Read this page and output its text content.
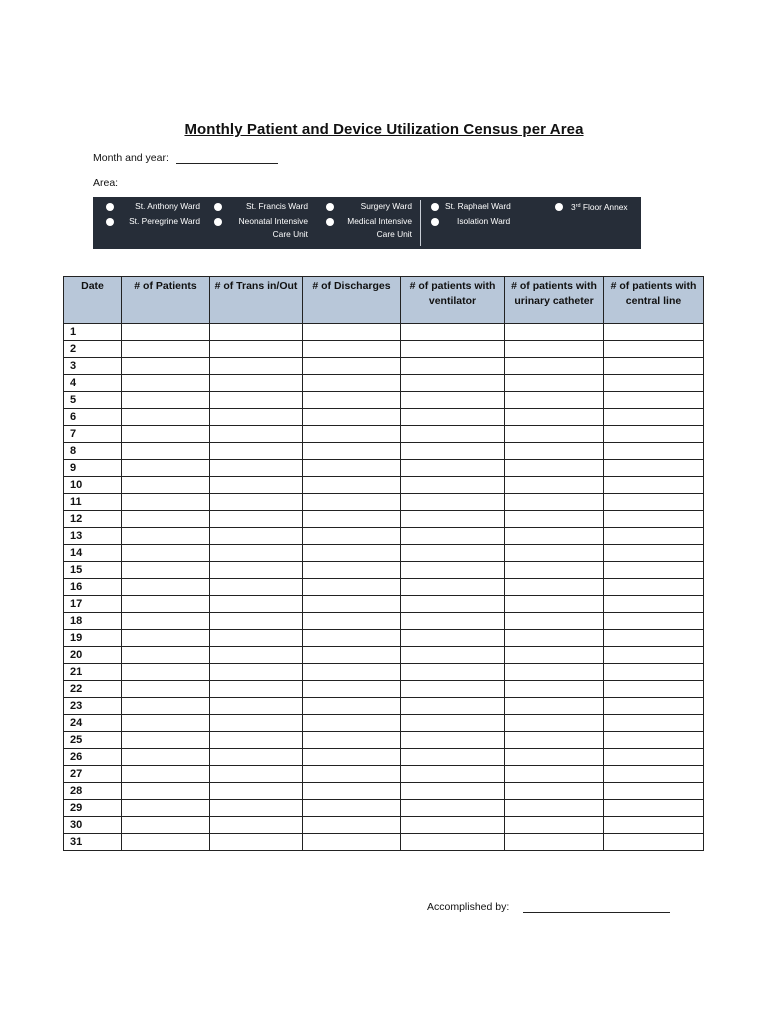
Monthly Patient and Device Utilization Census per Area
Month and year:
Area:
St. Anthony Ward
St. Peregrine Ward
St. Francis Ward
Neonatal Intensive
Care Unit
Surgery Ward
Medical Intensive
Care Unit
St. Raphael Ward
Isolation Ward
3rd Floor Annex
Date	# of Patients	# of Trans in/Out	# of Discharges	# of patients with ventilator	# of patients with urinary catheter	# of patients with central line
1						
2						
3						
4						
5						
6						
7						
8						
9						
10						
11						
12						
13						
14						
15						
16						
17						
18						
19						
20						
21						
22						
23						
24						
25						
26						
27						
28						
29						
30						
31						
Accomplished by:
